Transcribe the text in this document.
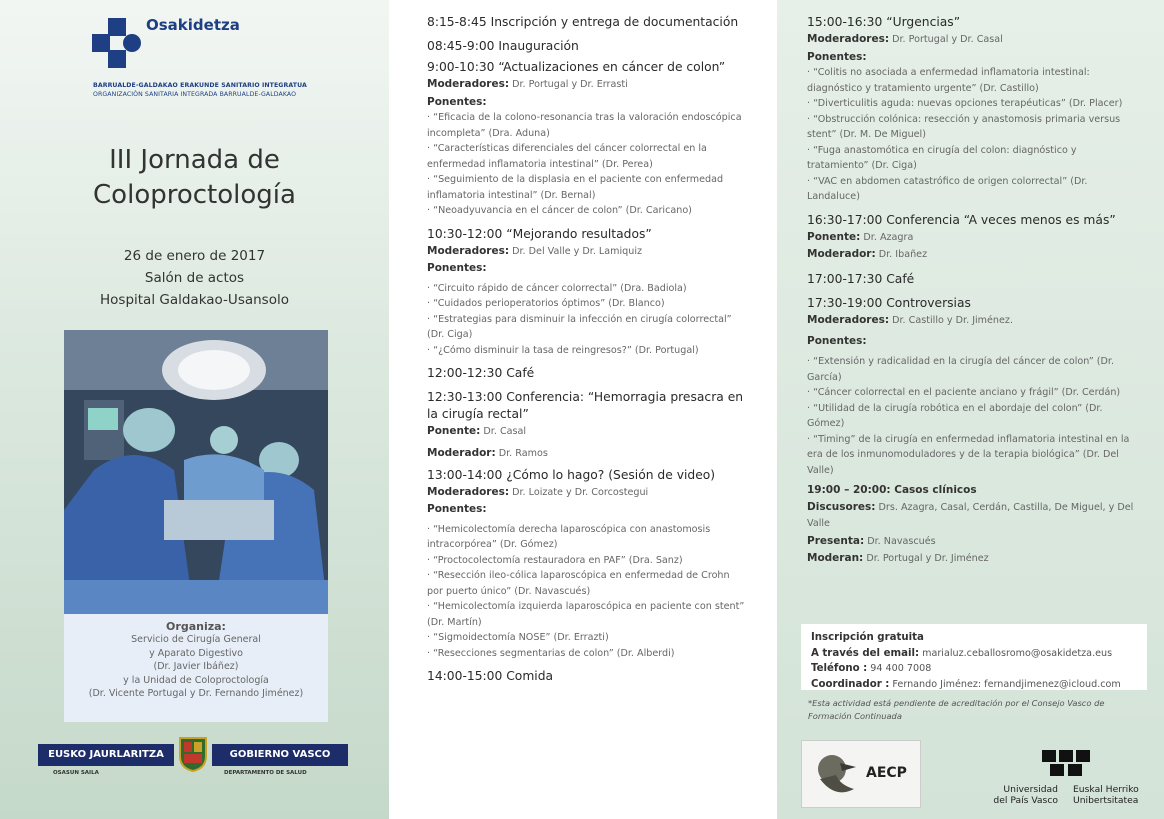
Osakidetza
BARRUALDE-GALDAKAO ERAKUNDE SANITARIO INTEGRATUA
ORGANIZACIÓN SANITARIA INTEGRADA BARRUALDE-GALDAKAO
III Jornada de
Coloproctología
26 de enero de 2017
Salón de actos
Hospital Galdakao-Usansolo
Organiza:
Servicio de Cirugía General
y Aparato Digestivo
(Dr. Javier Ibáñez)
y la Unidad de Coloproctología
(Dr. Vicente Portugal y Dr. Fernando Jiménez)
EUSKO JAURLARITZA	GOBIERNO VASCO
OSASUN SAILA	DEPARTAMENTO DE SALUD
8:15-8:45 Inscripción y entrega de documentación
08:45-9:00 Inauguración
9:00-10:30 “Actualizaciones en cáncer de colon”
Moderadores: Dr. Portugal y Dr. Errasti
Ponentes:
· “Eficacia de la colono-resonancia tras la valoración endoscópica incompleta” (Dra. Aduna)
· “Características diferenciales del cáncer colorrectal en la enfermedad inflamatoria intestinal” (Dr. Perea)
· “Seguimiento de la displasia en el paciente con enfermedad inflamatoria intestinal” (Dr. Bernal)
· “Neoadyuvancia en el cáncer de colon” (Dr. Caricano)
10:30-12:00 “Mejorando resultados”
Moderadores: Dr. Del Valle y Dr. Lamiquiz
Ponentes:
· “Circuito rápido de cáncer colorrectal” (Dra. Badiola)
· “Cuidados perioperatorios óptimos” (Dr. Blanco)
· “Estrategias para disminuir la infección en cirugía colorrectal” (Dr. Ciga)
· “¿Cómo disminuir la tasa de reingresos?” (Dr. Portugal)
12:00-12:30 Café
12:30-13:00 Conferencia: “Hemorragia presacra en la cirugía rectal”
Ponente: Dr. Casal
Moderador: Dr. Ramos
13:00-14:00 ¿Cómo lo hago? (Sesión de video)
Moderadores: Dr. Loizate y Dr. Corcostegui
Ponentes:
· “Hemicolectomía derecha laparoscópica con anastomosis intracorpórea” (Dr. Gómez)
· “Proctocolectomía restauradora en PAF” (Dra. Sanz)
· “Resección ileo-cólica laparoscópica en enfermedad de Crohn por puerto único” (Dr. Navascués)
· “Hemicolectomía izquierda laparoscópica en paciente con stent” (Dr. Martín)
· “Sigmoidectomía NOSE” (Dr. Errazti)
· “Resecciones segmentarias de colon” (Dr. Alberdi)
14:00-15:00 Comida
15:00-16:30 “Urgencias”
Moderadores: Dr. Portugal y Dr. Casal
Ponentes:
· “Colitis no asociada a enfermedad inflamatoria intestinal: diagnóstico y tratamiento urgente” (Dr. Castillo)
· “Diverticulitis aguda: nuevas opciones terapéuticas” (Dr. Placer)
· “Obstrucción colónica: resección y anastomosis primaria versus stent” (Dr. M. De Miguel)
· “Fuga anastomótica en cirugía del colon: diagnóstico y tratamiento” (Dr. Ciga)
· “VAC en abdomen catastrófico de origen colorrectal” (Dr. Landaluce)
16:30-17:00 Conferencia “A veces menos es más”
Ponente: Dr. Azagra
Moderador: Dr. Ibañez
17:00-17:30 Café
17:30-19:00 Controversias
Moderadores: Dr. Castillo y Dr. Jiménez.
Ponentes:
· “Extensión y radicalidad en la cirugía del cáncer de colon” (Dr. García)
· “Cáncer colorrectal en el paciente anciano y frágil” (Dr. Cerdán)
· “Utilidad de la cirugía robótica en el abordaje del colon” (Dr. Gómez)
· “Timing” de la cirugía en enfermedad inflamatoria intestinal en la era de los inmunomoduladores y de la terapia biológica” (Dr. Del Valle)
19:00 – 20:00: Casos clínicos
Discusores: Drs. Azagra, Casal, Cerdán, Castilla, De Miguel, y Del Valle
Presenta: Dr. Navascués
Moderan: Dr. Portugal y Dr. Jiménez
Inscripción gratuita
A través del email: marialuz.ceballosromo@osakidetza.eus
Teléfono : 94 400 7008
Coordinador : Fernando Jiménez: fernandjimenez@icloud.com
*Esta actividad está pendiente de acreditación por el Consejo Vasco de Formación Continuada
AECP
Universidad del País Vasco
Euskal Herriko Unibertsitatea
